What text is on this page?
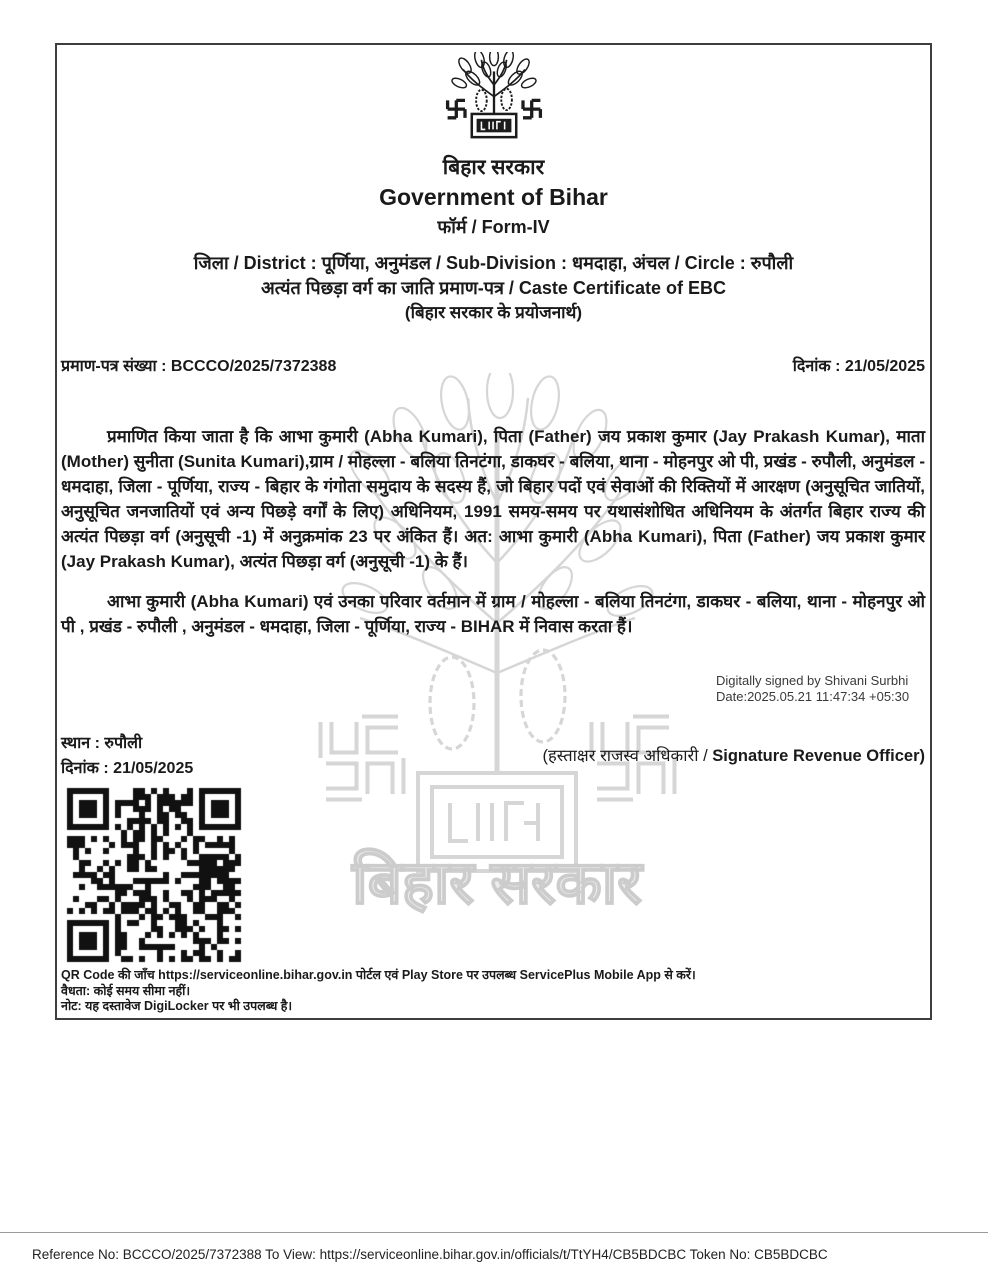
बिहार सरकार
बिहार सरकार
Government of Bihar
फॉर्म / Form-IV
जिला / District : पूर्णिया, अनुमंडल / Sub-Division : धमदाहा, अंचल / Circle : रुपौली
अत्यंत पिछड़ा वर्ग का जाति प्रमाण-पत्र / Caste Certificate of EBC
(बिहार सरकार के प्रयोजनार्थ)
प्रमाण-पत्र संख्या : BCCCO/2025/7372388	दिनांक : 21/05/2025

प्रमाणित किया जाता है कि आभा कुमारी (Abha Kumari), पिता (Father) जय प्रकाश कुमार (Jay Prakash Kumar), माता (Mother) सुनीता (Sunita Kumari),ग्राम / मोहल्ला - बलिया तिनटंगा, डाकघर - बलिया, थाना - मोहनपुर ओ पी, प्रखंड - रुपौली, अनुमंडल - धमदाहा, जिला - पूर्णिया, राज्य - बिहार के गंगोता समुदाय के सदस्य हैं, जो बिहार पदों एवं सेवाओं की रिक्तियों में आरक्षण (अनुसूचित जातियों, अनुसूचित जनजातियों एवं अन्य पिछड़े वर्गों के लिए) अधिनियम, 1991 समय-समय पर यथासंशोधित अधिनियम के अंतर्गत बिहार राज्य की अत्यंत पिछड़ा वर्ग (अनुसूची -1) में अनुक्रमांक 23 पर अंकित हैं। अत: आभा कुमारी (Abha Kumari), पिता (Father) जय प्रकाश कुमार (Jay Prakash Kumar), अत्यंत पिछड़ा वर्ग (अनुसूची -1) के हैं।

आभा कुमारी (Abha Kumari) एवं उनका परिवार वर्तमान में ग्राम / मोहल्ला - बलिया तिनटंगा, डाकघर - बलिया, थाना - मोहनपुर ओ पी , प्रखंड - रुपौली , अनुमंडल - धमदाहा, जिला - पूर्णिया, राज्य - BIHAR में निवास करता हैं।

Digitally signed by Shivani Surbhi
Date:2025.05.21 11:47:34 +05:30
स्थान : रुपौली
दिनांक : 21/05/2025
(हस्ताक्षर राजस्व अधिकारी / Signature Revenue Officer)
QR Code की जाँच https://serviceonline.bihar.gov.in पोर्टल एवं Play Store पर उपलब्ध ServicePlus Mobile App से करें।
वैधता: कोई समय सीमा नहीं।
नोट: यह दस्तावेज DigiLocker पर भी उपलब्ध है।
Reference No: BCCCO/2025/7372388 To View: https://serviceonline.bihar.gov.in/officials/t/TtYH4/CB5BDCBC Token No: CB5BDCBC
